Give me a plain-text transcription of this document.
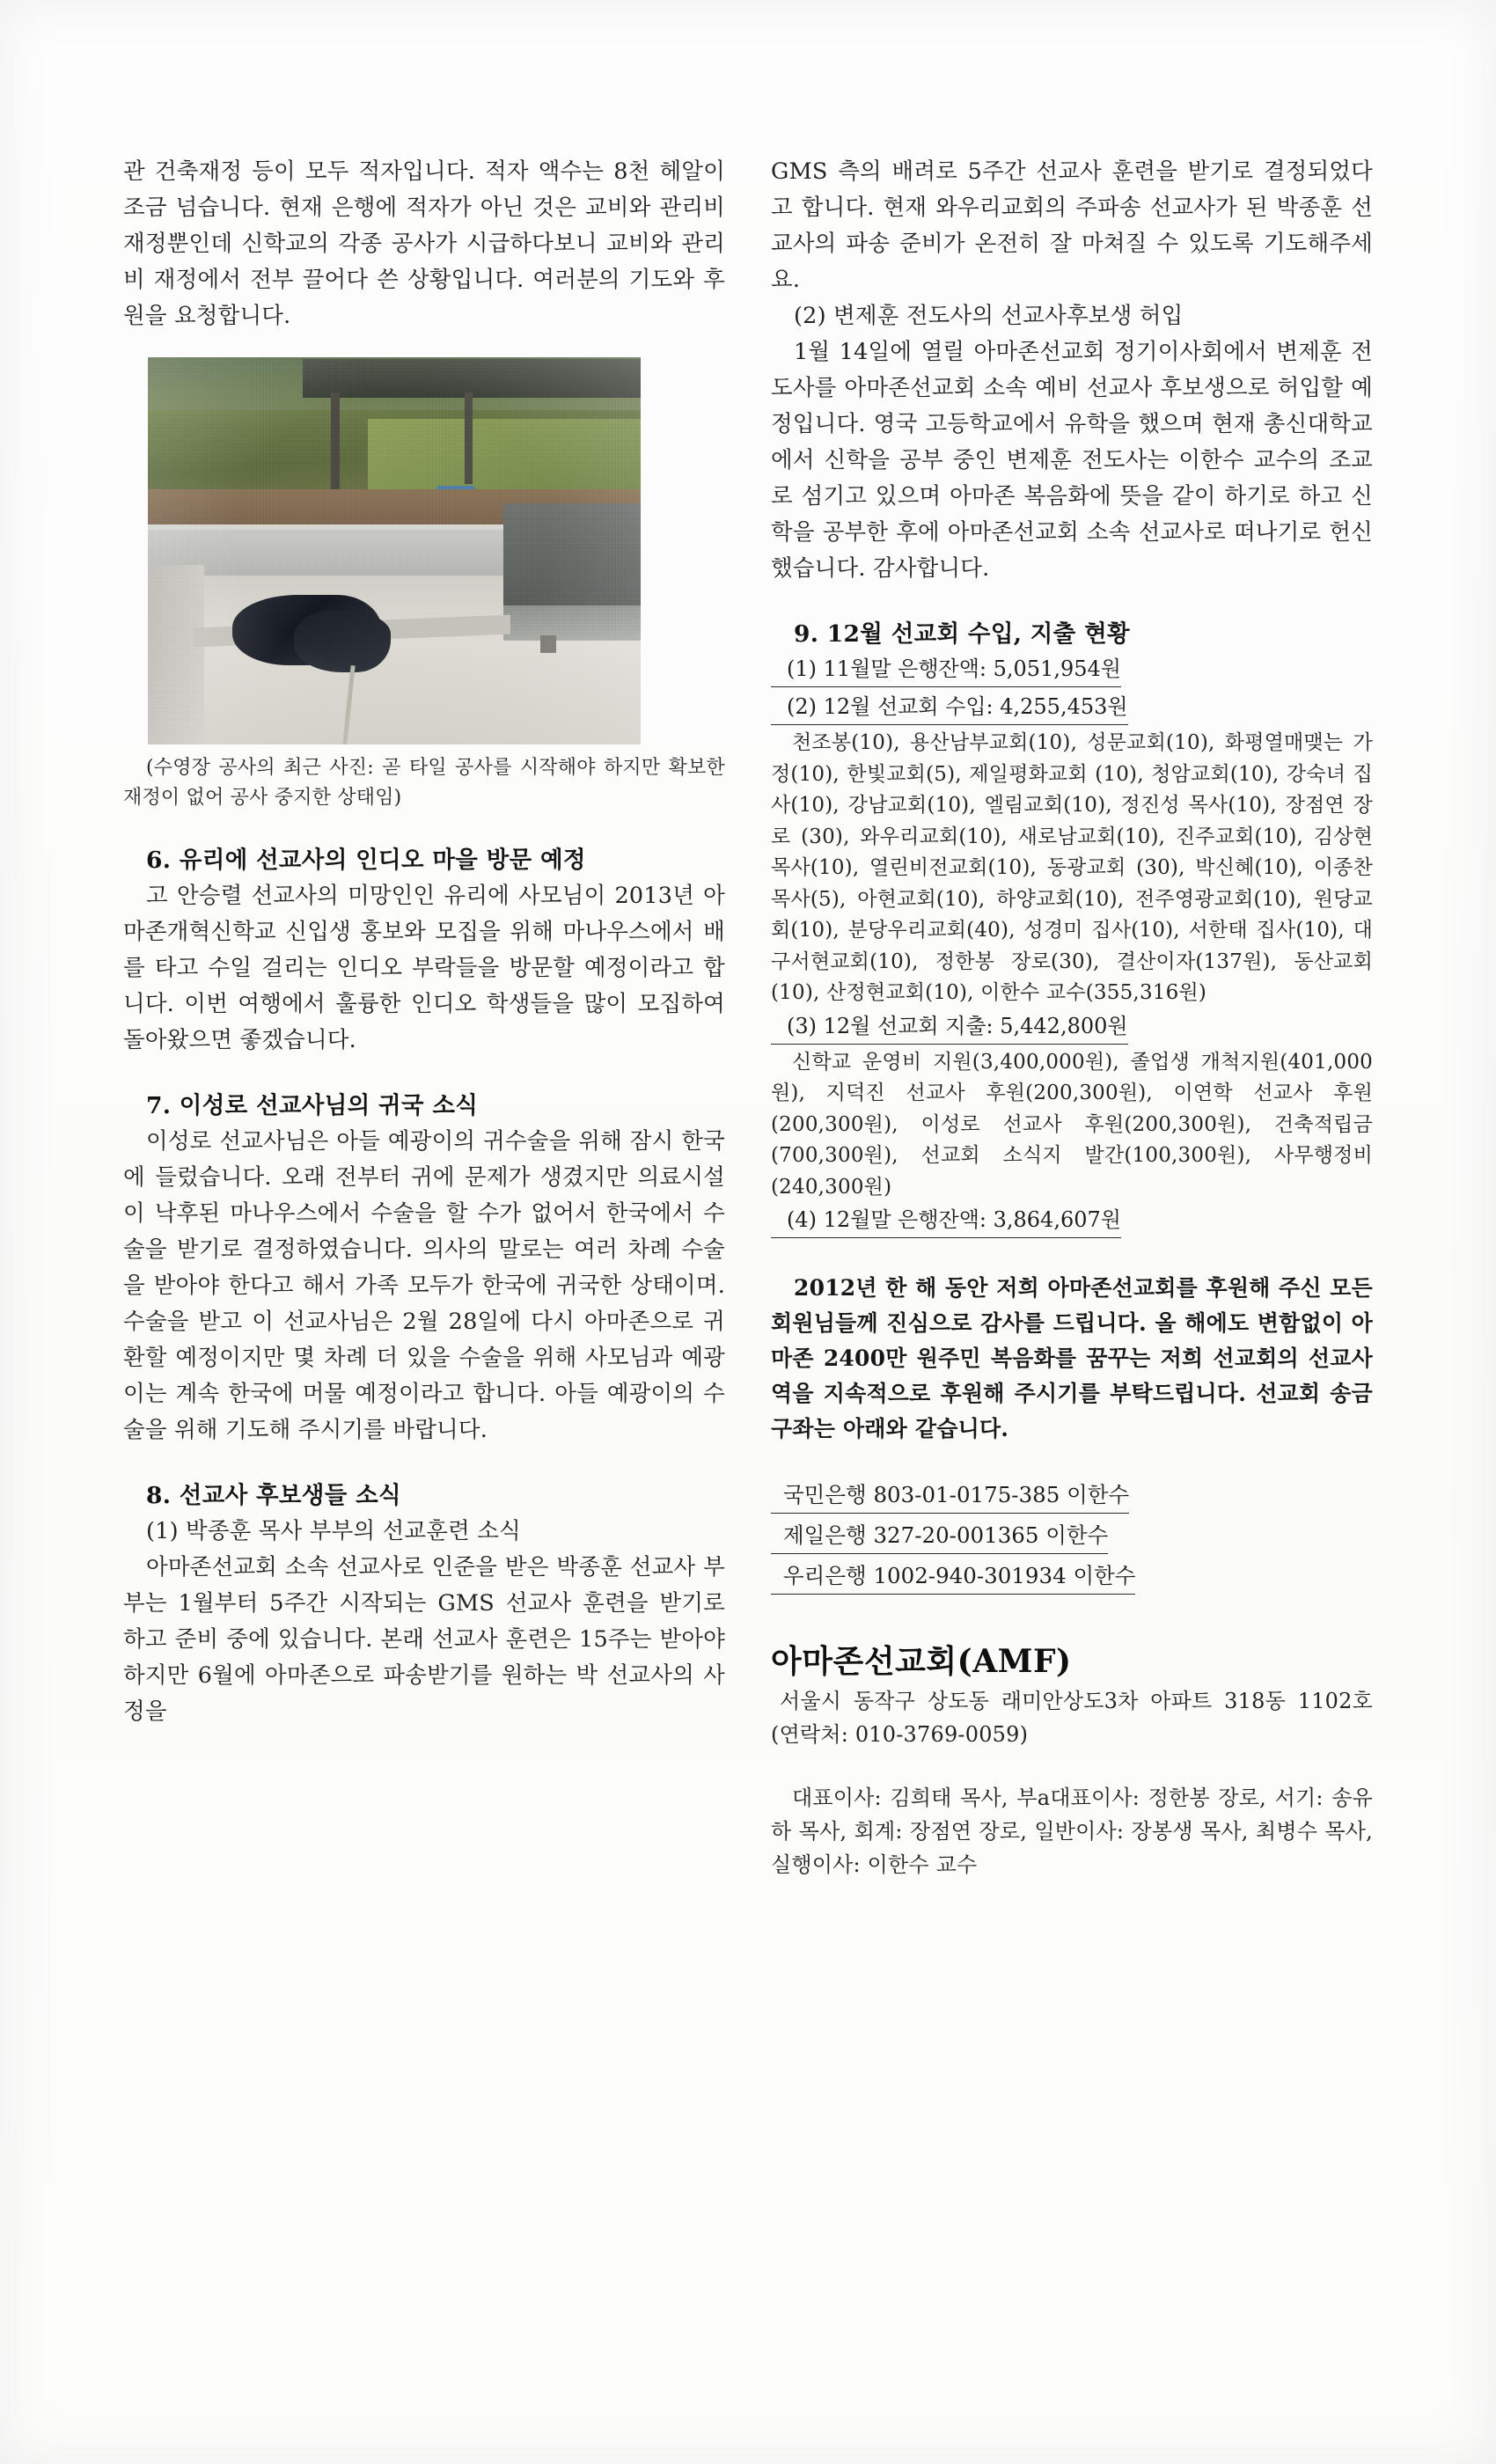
관 건축재정 등이 모두 적자입니다. 적자 액수는 8천 헤알이 조금 넘습니다. 현재 은행에 적자가 아닌 것은 교비와 관리비 재정뿐인데 신학교의 각종 공사가 시급하다보니 교비와 관리비 재정에서 전부 끌어다 쓴 상황입니다. 여러분의 기도와 후원을 요청합니다.

(수영장 공사의 최근 사진: 곧 타일 공사를 시작해야 하지만 확보한 재정이 없어 공사 중지한 상태임)

6. 유리에 선교사의 인디오 마을 방문 예정

고 안승렬 선교사의 미망인인 유리에 사모님이 2013년 아마존개혁신학교 신입생 홍보와 모집을 위해 마나우스에서 배를 타고 수일 걸리는 인디오 부락들을 방문할 예정이라고 합니다. 이번 여행에서 훌륭한 인디오 학생들을 많이 모집하여 돌아왔으면 좋겠습니다.

7. 이성로 선교사님의 귀국 소식

이성로 선교사님은 아들 예광이의 귀수술을 위해 잠시 한국에 들렀습니다. 오래 전부터 귀에 문제가 생겼지만 의료시설이 낙후된 마나우스에서 수술을 할 수가 없어서 한국에서 수술을 받기로 결정하였습니다. 의사의 말로는 여러 차례 수술을 받아야 한다고 해서 가족 모두가 한국에 귀국한 상태이며. 수술을 받고 이 선교사님은 2월 28일에 다시 아마존으로 귀환할 예정이지만 몇 차례 더 있을 수술을 위해 사모님과 예광이는 계속 한국에 머물 예정이라고 합니다. 아들 예광이의 수술을 위해 기도해 주시기를 바랍니다.

8. 선교사 후보생들 소식

(1) 박종훈 목사 부부의 선교훈련 소식

아마존선교회 소속 선교사로 인준을 받은 박종훈 선교사 부부는 1월부터 5주간 시작되는 GMS 선교사 훈련을 받기로 하고 준비 중에 있습니다. 본래 선교사 훈련은 15주는 받아야 하지만 6월에 아마존으로 파송받기를 원하는 박 선교사의 사정을

GMS 측의 배려로 5주간 선교사 훈련을 받기로 결정되었다고 합니다. 현재 와우리교회의 주파송 선교사가 된 박종훈 선교사의 파송 준비가 온전히 잘 마쳐질 수 있도록 기도해주세요.

(2) 변제훈 전도사의 선교사후보생 허입

1월 14일에 열릴 아마존선교회 정기이사회에서 변제훈 전도사를 아마존선교회 소속 예비 선교사 후보생으로 허입할 예정입니다. 영국 고등학교에서 유학을 했으며 현재 총신대학교에서 신학을 공부 중인 변제훈 전도사는 이한수 교수의 조교로 섬기고 있으며 아마존 복음화에 뜻을 같이 하기로 하고 신학을 공부한 후에 아마존선교회 소속 선교사로 떠나기로 헌신했습니다. 감사합니다.

9. 12월 선교회 수입, 지출 현황
(1) 11월말 은행잔액: 5,051,954원
(2) 12월 선교회 수입: 4,255,453원

천조봉(10), 용산남부교회(10), 성문교회(10), 화평열매맺는 가정(10), 한빛교회(5), 제일평화교회 (10), 청암교회(10), 강숙녀 집사(10), 강남교회(10), 엘림교회(10), 정진성 목사(10), 장점연 장로 (30), 와우리교회(10), 새로남교회(10), 진주교회(10), 김상현 목사(10), 열린비전교회(10), 동광교회 (30), 박신혜(10), 이종찬 목사(5), 아현교회(10), 하양교회(10), 전주영광교회(10), 원당교회(10), 분당우리교회(40), 성경미 집사(10), 서한태 집사(10), 대구서현교회(10), 정한봉 장로(30), 결산이자(137원), 동산교회(10), 산정현교회(10), 이한수 교수(355,316원)

(3) 12월 선교회 지출: 5,442,800원

신학교 운영비 지원(3,400,000원), 졸업생 개척지원(401,000원), 지덕진 선교사 후원(200,300원), 이연학 선교사 후원(200,300원), 이성로 선교사 후원(200,300원), 건축적립금(700,300원), 선교회 소식지 발간(100,300원), 사무행정비(240,300원)

(4) 12월말 은행잔액: 3,864,607원

2012년 한 해 동안 저희 아마존선교회를 후원해 주신 모든 회원님들께 진심으로 감사를 드립니다. 올 해에도 변함없이 아마존 2400만 원주민 복음화를 꿈꾸는 저희 선교회의 선교사역을 지속적으로 후원해 주시기를 부탁드립니다. 선교회 송금 구좌는 아래와 같습니다.

국민은행 803-01-0175-385 이한수
제일은행 327-20-001365 이한수
우리은행 1002-940-301934 이한수
아마존선교회(AMF)

서울시 동작구 상도동 래미안상도3차 아파트 318동 1102호 (연락처: 010-3769-0059)

대표이사: 김희태 목사, 부a대표이사: 정한봉 장로, 서기: 송유하 목사, 회계: 장점연 장로, 일반이사: 장봉생 목사, 최병수 목사, 실행이사: 이한수 교수
